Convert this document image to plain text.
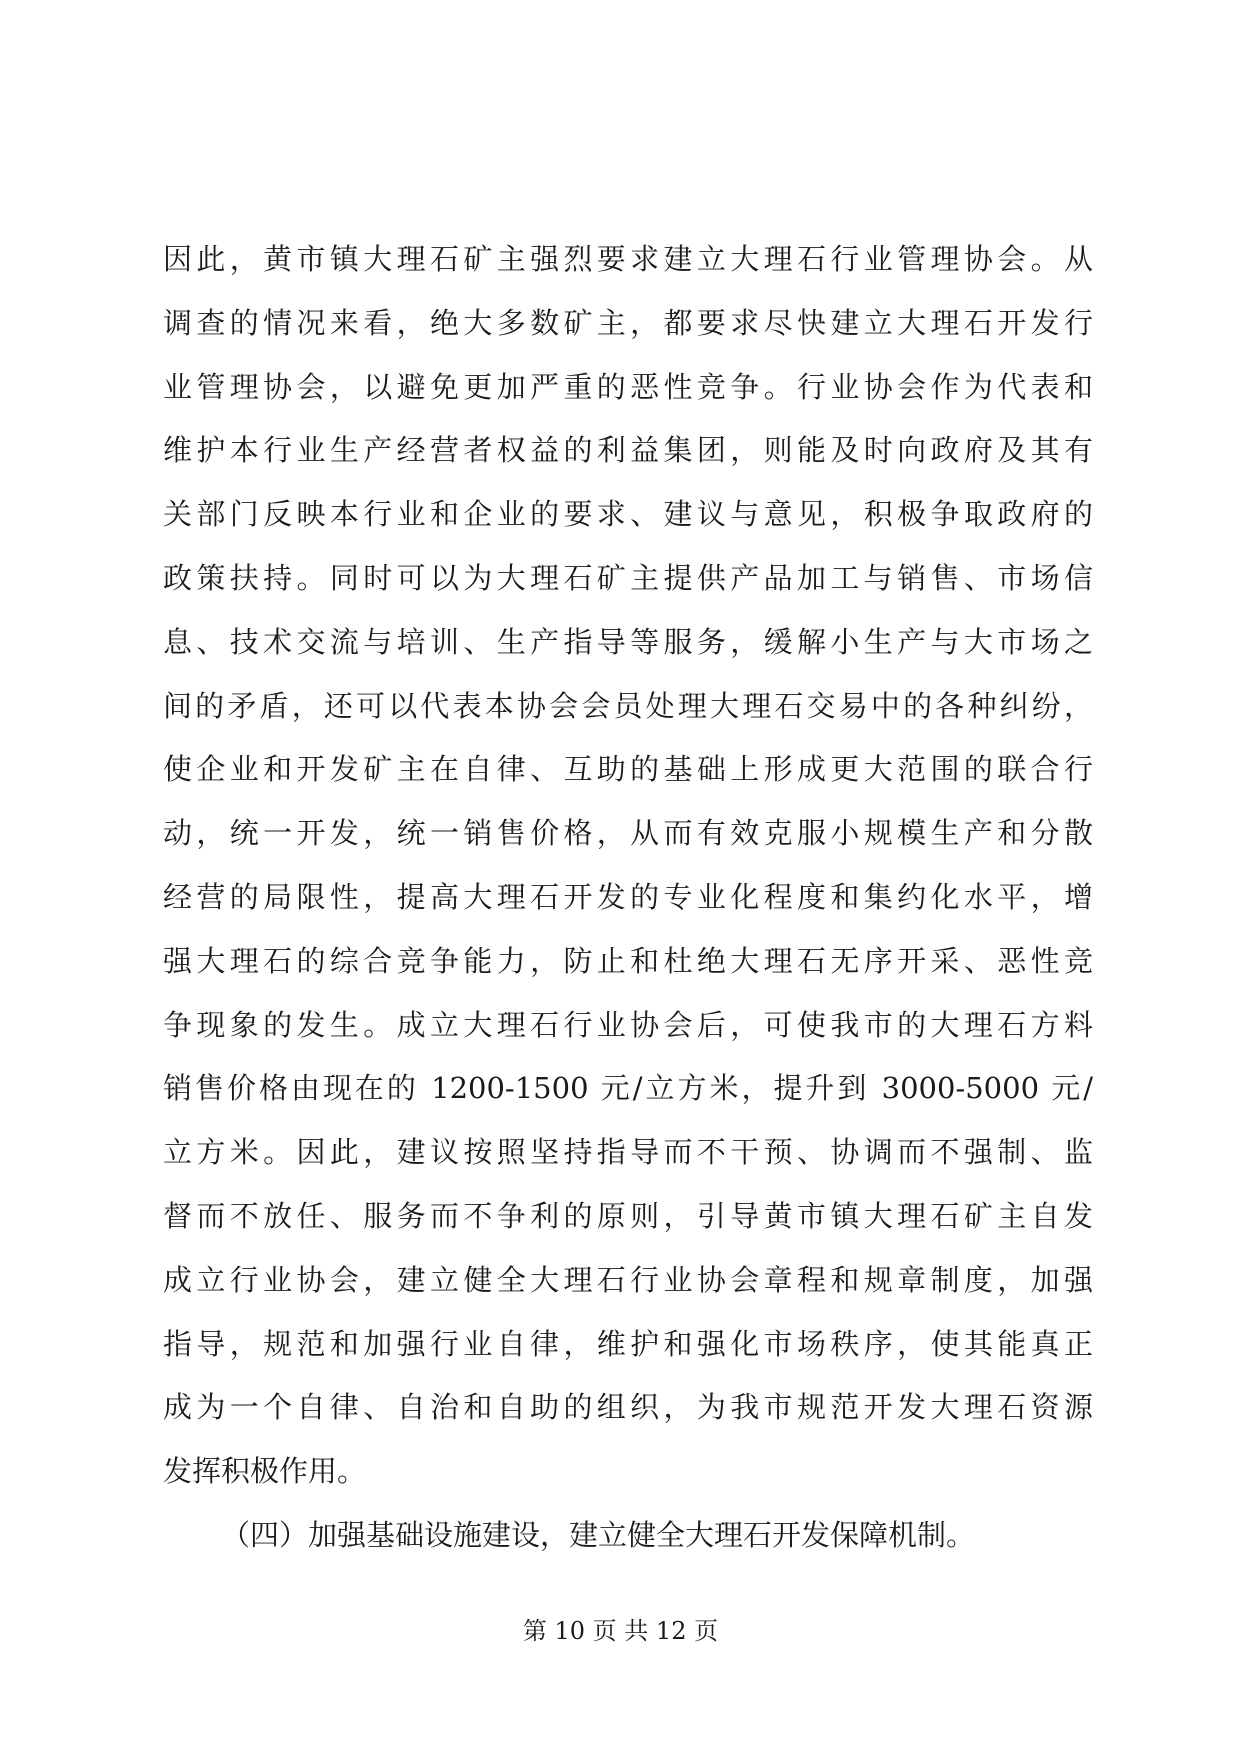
因此，黄市镇大理石矿主强烈要求建立大理石行业管理协会。从
调查的情况来看，绝大多数矿主，都要求尽快建立大理石开发行
业管理协会，以避免更加严重的恶性竞争。行业协会作为代表和
维护本行业生产经营者权益的利益集团，则能及时向政府及其有
关部门反映本行业和企业的要求、建议与意见，积极争取政府的
政策扶持。同时可以为大理石矿主提供产品加工与销售、市场信
息、技术交流与培训、生产指导等服务，缓解小生产与大市场之
间的矛盾，还可以代表本协会会员处理大理石交易中的各种纠纷，
使企业和开发矿主在自律、互助的基础上形成更大范围的联合行
动，统一开发，统一销售价格，从而有效克服小规模生产和分散
经营的局限性，提高大理石开发的专业化程度和集约化水平，增
强大理石的综合竞争能力，防止和杜绝大理石无序开采、恶性竞
争现象的发生。成立大理石行业协会后，可使我市的大理石方料
销售价格由现在的 1200-1500 元/立方米，提升到 3000-5000 元/
立方米。因此，建议按照坚持指导而不干预、协调而不强制、监
督而不放任、服务而不争利的原则，引导黄市镇大理石矿主自发
成立行业协会，建立健全大理石行业协会章程和规章制度，加强
指导，规范和加强行业自律，维护和强化市场秩序，使其能真正
成为一个自律、自治和自助的组织，为我市规范开发大理石资源
发挥积极作用。
（四）加强基础设施建设，建立健全大理石开发保障机制。
第 10 页 共 12 页
